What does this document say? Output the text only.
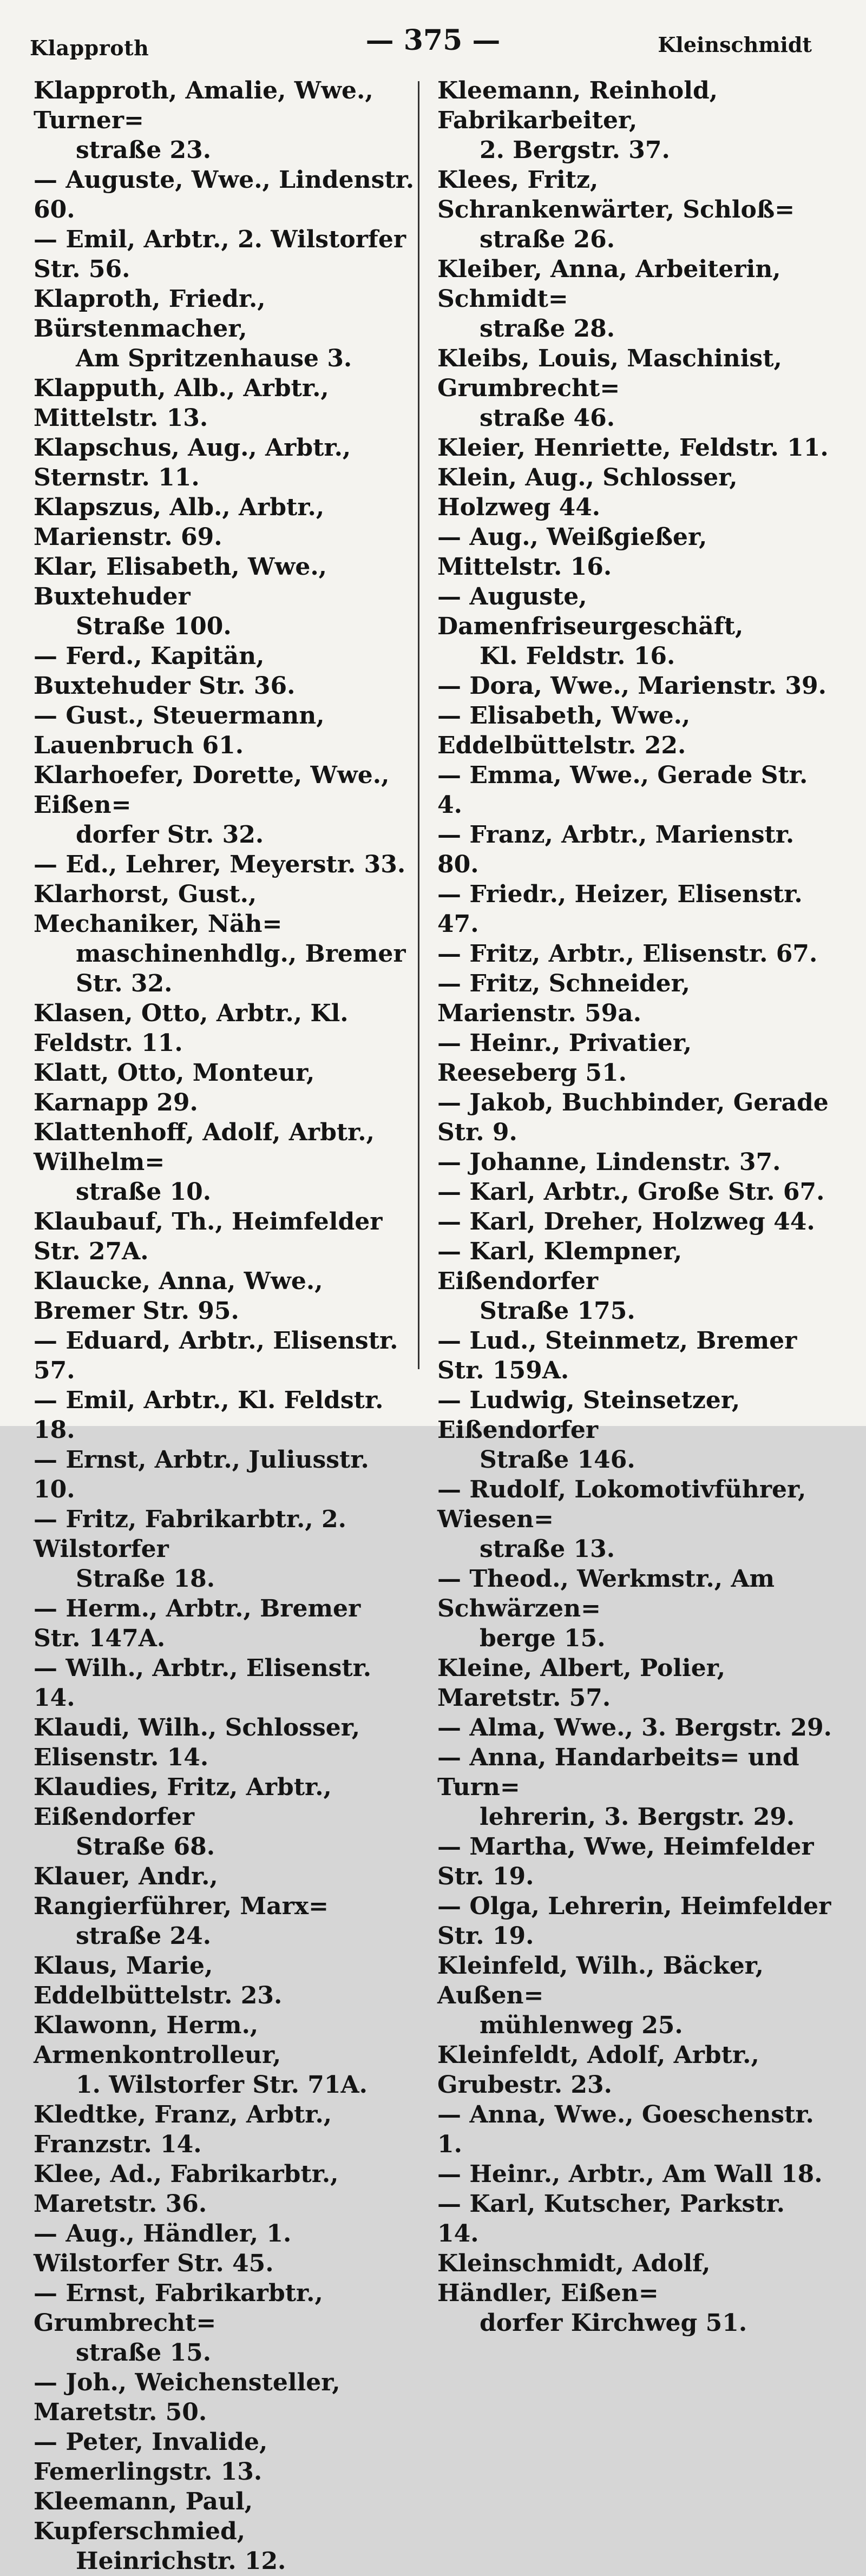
Klapproth	— 375 —	Kleinschmidt
Klapproth, Amalie, Wwe., Turner=
straße 23.
— Auguste, Wwe., Lindenstr. 60.
— Emil, Arbtr., 2. Wilstorfer Str. 56.
Klaproth, Friedr., Bürstenmacher,
Am Spritzenhause 3.
Klapputh, Alb., Arbtr., Mittelstr. 13.
Klapschus, Aug., Arbtr., Sternstr. 11.
Klapszus, Alb., Arbtr., Marienstr. 69.
Klar, Elisabeth, Wwe., Buxtehuder
Straße 100.
— Ferd., Kapitän, Buxtehuder Str. 36.
— Gust., Steuermann, Lauenbruch 61.
Klarhoefer, Dorette, Wwe., Eißen=
dorfer Str. 32.
— Ed., Lehrer, Meyerstr. 33.
Klarhorst, Gust., Mechaniker, Näh=
maschinenhdlg., Bremer Str. 32.
Klasen, Otto, Arbtr., Kl. Feldstr. 11.
Klatt, Otto, Monteur, Karnapp 29.
Klattenhoff, Adolf, Arbtr., Wilhelm=
straße 10.
Klaubauf, Th., Heimfelder Str. 27A.
Klaucke, Anna, Wwe., Bremer Str. 95.
— Eduard, Arbtr., Elisenstr. 57.
— Emil, Arbtr., Kl. Feldstr. 18.
— Ernst, Arbtr., Juliusstr. 10.
— Fritz, Fabrikarbtr., 2. Wilstorfer
Straße 18.
— Herm., Arbtr., Bremer Str. 147A.
— Wilh., Arbtr., Elisenstr. 14.
Klaudi, Wilh., Schlosser, Elisenstr. 14.
Klaudies, Fritz, Arbtr., Eißendorfer
Straße 68.
Klauer, Andr., Rangierführer, Marx=
straße 24.
Klaus, Marie, Eddelbüttelstr. 23.
Klawonn, Herm., Armenkontrolleur,
1. Wilstorfer Str. 71A.
Kledtke, Franz, Arbtr., Franzstr. 14.
Klee, Ad., Fabrikarbtr., Maretstr. 36.
— Aug., Händler, 1. Wilstorfer Str. 45.
— Ernst, Fabrikarbtr., Grumbrecht=
straße 15.
— Joh., Weichensteller, Maretstr. 50.
— Peter, Invalide, Femerlingstr. 13.
Kleemann, Paul, Kupferschmied,
Heinrichstr. 12.
Kleemann, Reinhold, Fabrikarbeiter,
2. Bergstr. 37.
Klees, Fritz, Schrankenwärter, Schloß=
straße 26.
Kleiber, Anna, Arbeiterin, Schmidt=
straße 28.
Kleibs, Louis, Maschinist, Grumbrecht=
straße 46.
Kleier, Henriette, Feldstr. 11.
Klein, Aug., Schlosser, Holzweg 44.
— Aug., Weißgießer, Mittelstr. 16.
— Auguste, Damenfriseurgeschäft,
Kl. Feldstr. 16.
— Dora, Wwe., Marienstr. 39.
— Elisabeth, Wwe., Eddelbüttelstr. 22.
— Emma, Wwe., Gerade Str. 4.
— Franz, Arbtr., Marienstr. 80.
— Friedr., Heizer, Elisenstr. 47.
— Fritz, Arbtr., Elisenstr. 67.
— Fritz, Schneider, Marienstr. 59a.
— Heinr., Privatier, Reeseberg 51.
— Jakob, Buchbinder, Gerade Str. 9.
— Johanne, Lindenstr. 37.
— Karl, Arbtr., Große Str. 67.
— Karl, Dreher, Holzweg 44.
— Karl, Klempner, Eißendorfer
Straße 175.
— Lud., Steinmetz, Bremer Str. 159A.
— Ludwig, Steinsetzer, Eißendorfer
Straße 146.
— Rudolf, Lokomotivführer, Wiesen=
straße 13.
— Theod., Werkmstr., Am Schwärzen=
berge 15.
Kleine, Albert, Polier, Maretstr. 57.
— Alma, Wwe., 3. Bergstr. 29.
— Anna, Handarbeits= und Turn=
lehrerin, 3. Bergstr. 29.
— Martha, Wwe, Heimfelder Str. 19.
— Olga, Lehrerin, Heimfelder Str. 19.
Kleinfeld, Wilh., Bäcker, Außen=
mühlenweg 25.
Kleinfeldt, Adolf, Arbtr., Grubestr. 23.
— Anna, Wwe., Goeschenstr. 1.
— Heinr., Arbtr., Am Wall 18.
— Karl, Kutscher, Parkstr. 14.
Kleinschmidt, Adolf, Händler, Eißen=
dorfer Kirchweg 51.
